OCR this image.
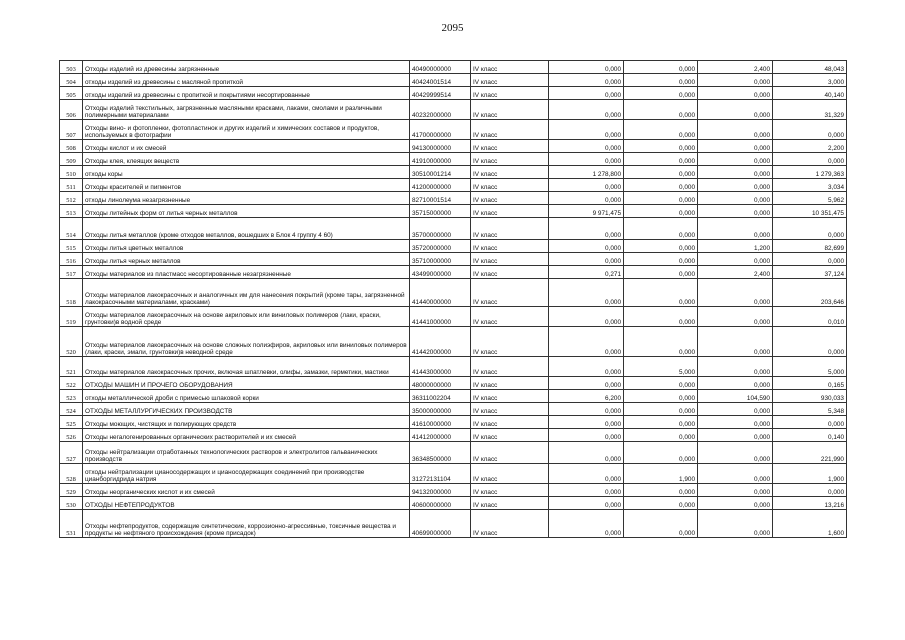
2095
503	Отходы изделий из древесины загрязненные	40490000000	IV класс	0,000	0,000	2,400	48,043
504	отходы изделий из древесины с масляной пропиткой	40424001514	IV класс	0,000	0,000	0,000	3,000
505	отходы изделий из древесины с пропиткой и покрытиями несортированные	40429999514	IV класс	0,000	0,000	0,000	40,140
506	Отходы изделий текстильных, загрязненные масляными красками, лаками, смолами и различными полимерными материалами	40232000000	IV класс	0,000	0,000	0,000	31,329
507	Отходы вино- и фотопленки, фотопластинок и других изделий и химических составов и продуктов, используемых в фотографии	41700000000	IV класс	0,000	0,000	0,000	0,000
508	Отходы кислот и их смесей	94130000000	IV класс	0,000	0,000	0,000	2,200
509	Отходы клея, клеящих веществ	41910000000	IV класс	0,000	0,000	0,000	0,000
510	отходы коры	30510001214	IV класс	1 278,800	0,000	0,000	1 279,363
511	Отходы красителей и пигментов	41200000000	IV класс	0,000	0,000	0,000	3,034
512	отходы линолеума незагрязненные	82710001514	IV класс	0,000	0,000	0,000	5,962
513	Отходы литейных форм от литья черных металлов	35715000000	IV класс	9 971,475	0,000	0,000	10 351,475
514	Отходы литья металлов (кроме отходов металлов, вошедших в Блок 4 группу 4 60)	35700000000	IV класс	0,000	0,000	0,000	0,000
515	Отходы литья цветных металлов	35720000000	IV класс	0,000	0,000	1,200	82,699
516	Отходы литья черных металлов	35710000000	IV класс	0,000	0,000	0,000	0,000
517	Отходы материалов из пластмасс несортированные незагрязненные	43499000000	IV класс	0,271	0,000	2,400	37,124
518	Отходы материалов лакокрасочных и аналогичных им для нанесения покрытий (кроме тары, загрязненной лакокрасочными материалами, красками)	41440000000	IV класс	0,000	0,000	0,000	203,646
519	Отходы материалов лакокрасочных на основе акриловых или виниловых полимеров (лаки, краски, грунтовки)в водной среде	41441000000	IV класс	0,000	0,000	0,000	0,010
520	Отходы материалов лакокрасочных на основе сложных полиэфиров, акриловых или виниловых полимеров (лаки, краски, эмали, грунтовки)в неводной среде	41442000000	IV класс	0,000	0,000	0,000	0,000
521	Отходы материалов лакокрасочных прочих, включая шпатлевки, олифы, замазки, герметики, мастики	41443000000	IV класс	0,000	5,000	0,000	5,000
522	ОТХОДЫ МАШИН И ПРОЧЕГО ОБОРУДОВАНИЯ	48000000000	IV класс	0,000	0,000	0,000	0,165
523	отходы металлической дроби с примесью шлаковой корки	36311002204	IV класс	6,200	0,000	104,590	930,033
524	ОТХОДЫ МЕТАЛЛУРГИЧЕСКИХ ПРОИЗВОДСТВ	35000000000	IV класс	0,000	0,000	0,000	5,348
525	Отходы моющих, чистящих и полирующих средств	41610000000	IV класс	0,000	0,000	0,000	0,000
526	Отходы негалогенированных органических растворителей и их смесей	41412000000	IV класс	0,000	0,000	0,000	0,140
527	Отходы нейтрализации отработанных технологических растворов и электролитов гальванических производств	36348500000	IV класс	0,000	0,000	0,000	221,990
528	отходы нейтрализации цианосодержащих и цианосодержащих соединений при производстве цианборгидрида натрия	31272131104	IV класс	0,000	1,900	0,000	1,900
529	Отходы неорганических кислот и их смесей	94132000000	IV класс	0,000	0,000	0,000	0,000
530	ОТХОДЫ НЕФТЕПРОДУКТОВ	40600000000	IV класс	0,000	0,000	0,000	13,216
531	Отходы нефтепродуктов, содержащие синтетические, коррозионно-агрессивные, токсичные вещества и продукты не нефтяного происхождения (кроме присадок)	40699000000	IV класс	0,000	0,000	0,000	1,600
